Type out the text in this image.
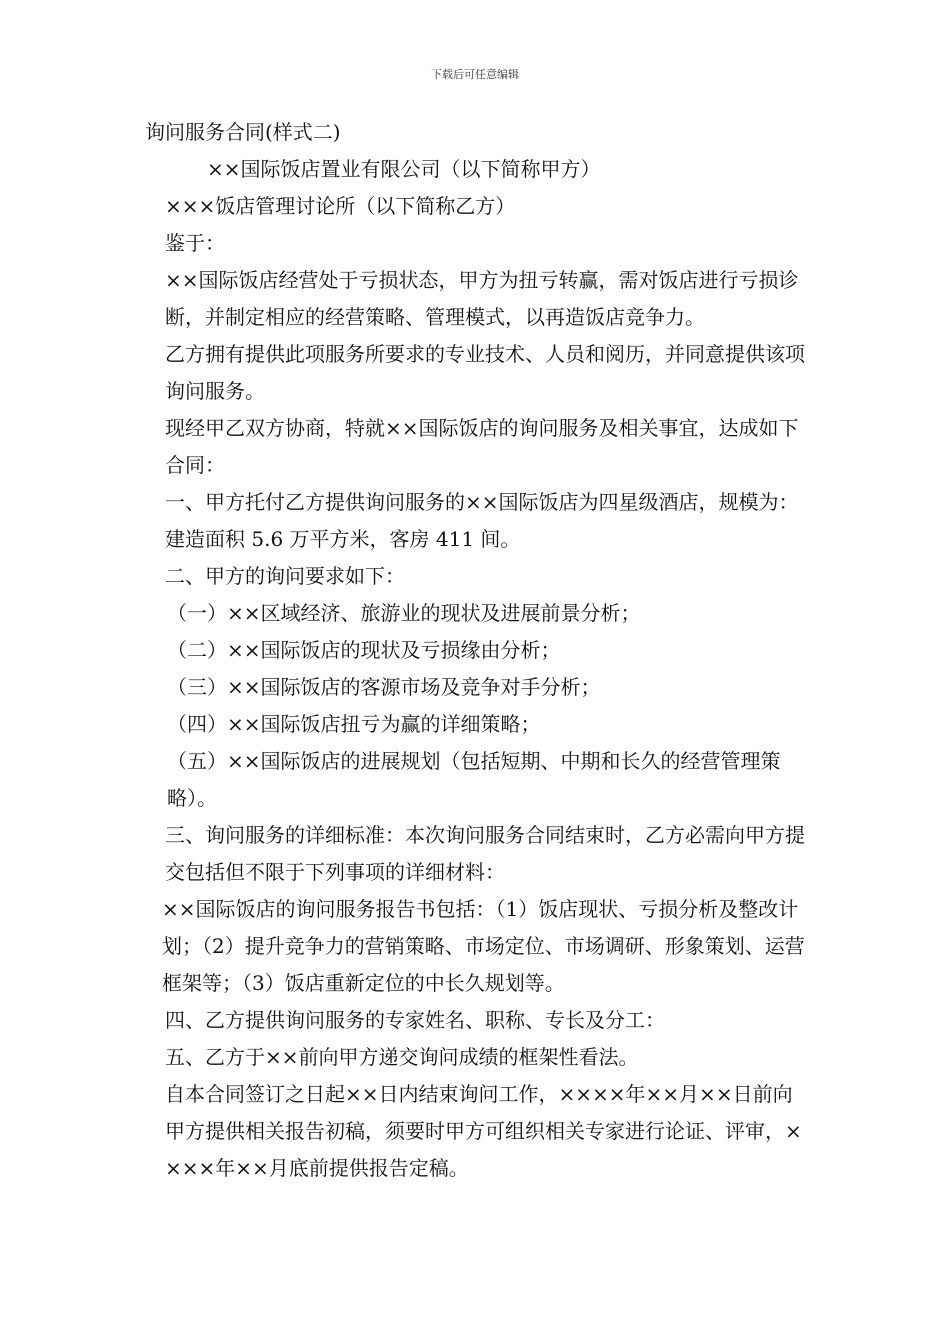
下载后可任意编辑

询问服务合同(样式二)

××国际饭店置业有限公司（以下简称甲方）

×××饭店管理讨论所（以下简称乙方）

鉴于：

××国际饭店经营处于亏损状态，甲方为扭亏转赢，需对饭店进行亏损诊断，并制定相应的经营策略、管理模式，以再造饭店竞争力。

乙方拥有提供此项服务所要求的专业技术、人员和阅历，并同意提供该项询问服务。

现经甲乙双方协商，特就××国际饭店的询问服务及相关事宜，达成如下合同：

一、甲方托付乙方提供询问服务的××国际饭店为四星级酒店，规模为：建造面积 5.6 万平方米，客房 411 间。

二、甲方的询问要求如下：

（一）××区域经济、旅游业的现状及进展前景分析；

（二）××国际饭店的现状及亏损缘由分析；

（三）××国际饭店的客源市场及竞争对手分析；

（四）××国际饭店扭亏为赢的详细策略；

（五）××国际饭店的进展规划（包括短期、中期和长久的经营管理策略）。

三、询问服务的详细标准：本次询问服务合同结束时，乙方必需向甲方提交包括但不限于下列事项的详细材料：

××国际饭店的询问服务报告书包括：（1）饭店现状、亏损分析及整改计划；（2）提升竞争力的营销策略、市场定位、市场调研、形象策划、运营框架等；（3）饭店重新定位的中长久规划等。

四、乙方提供询问服务的专家姓名、职称、专长及分工：

五、乙方于××前向甲方递交询问成绩的框架性看法。

自本合同签订之日起××日内结束询问工作，××××年××月××日前向甲方提供相关报告初稿，须要时甲方可组织相关专家进行论证、评审，××××年××月底前提供报告定稿。
